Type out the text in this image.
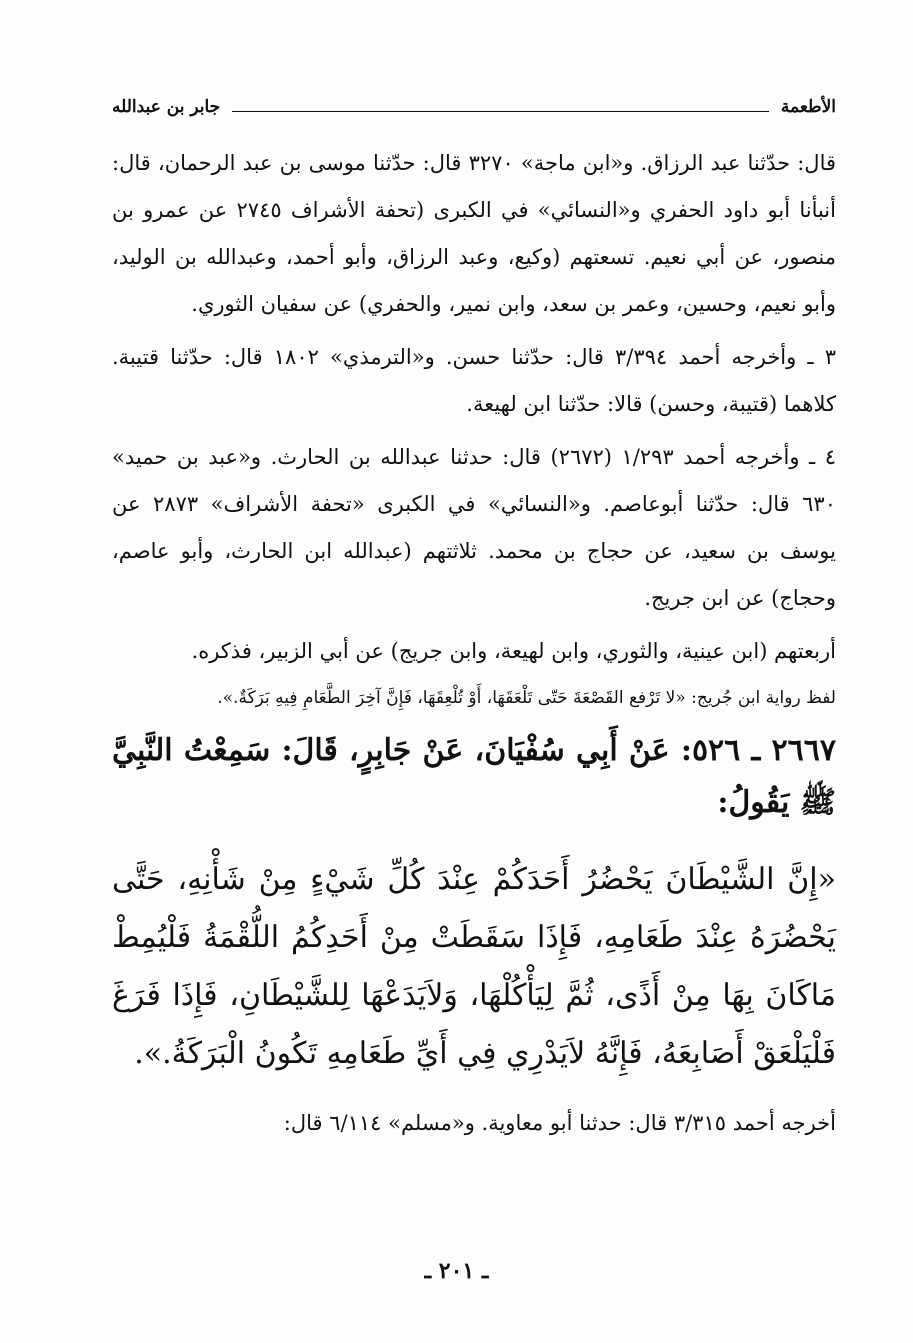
الأطعمة
جابر بن عبدالله

قال: حدّثنا عبد الرزاق. و«ابن ماجة» ٣٢٧٠ قال: حدّثنا موسى بن عبد الرحمان، قال: أنبأنا أبو داود الحفري و«النسائي» في الكبرى (تحفة الأشراف ٢٧٤٥ عن عمرو بن منصور، عن أبي نعيم. تسعتهم (وكيع، وعبد الرزاق، وأبو أحمد، وعبدالله بن الوليد، وأبو نعيم، وحسين، وعمر بن سعد، وابن نمير، والحفري) عن سفيان الثوري.

٣ ـ وأخرجه أحمد ٣/٣٩٤ قال: حدّثنا حسن. و«الترمذي» ١٨٠٢ قال: حدّثنا قتيبة. كلاهما (قتيبة، وحسن) قالا: حدّثنا ابن لهيعة.

٤ ـ وأخرجه أحمد ١/٢٩٣ (٢٦٧٢) قال: حدثنا عبدالله بن الحارث. و«عبد بن حميد» ٦٣٠ قال: حدّثنا أبوعاصم. و«النسائي» في الكبرى «تحفة الأشراف» ٢٨٧٣ عن يوسف بن سعيد، عن حجاج بن محمد. ثلاثتهم (عبدالله ابن الحارث، وأبو عاصم، وحجاج) عن ابن جريج.

أربعتهم (ابن عينية، والثوري، وابن لهيعة، وابن جريج) عن أبي الزبير، فذكره.

لفظ رواية ابن جُريج: «لا تَرْفع القَصْعَةَ حَتّى تَلْعَقَهَا، أَوْ تُلْعِقَهَا، فَإِنَّ آخِرَ الطَّعَامِ فِيهِ بَرَكَةٌ.».

٢٦٦٧ ـ ٥٢٦: عَنْ أَبِي سُفْيَانَ، عَنْ جَابِرٍ، قَالَ: سَمِعْتُ النَّبِيَّ ﷺ يَقُولُ:

«إِنَّ الشَّيْطَانَ يَحْضُرُ أَحَدَكُمْ عِنْدَ كُلِّ شَيْءٍ مِنْ شَأْنِهِ، حَتَّى يَحْضُرَهُ عِنْدَ طَعَامِهِ، فَإِذَا سَقَطَتْ مِنْ أَحَدِكُمُ اللُّقْمَةُ فَلْيُمِطْ مَاكَانَ بِهَا مِنْ أَذًى، ثُمَّ لِيَأْكُلْهَا، وَلاَيَدَعْهَا لِلشَّيْطَانِ، فَإِذَا فَرَغَ فَلْيَلْعَقْ أَصَابِعَهُ، فَإِنَّهُ لاَيَدْرِي فِي أَيِّ طَعَامِهِ تَكُونُ الْبَرَكَةُ.».

أخرجه أحمد ٣/٣١٥ قال: حدثنا أبو معاوية. و«مسلم» ٦/١١٤ قال:

ـ ٢٠١ ـ
